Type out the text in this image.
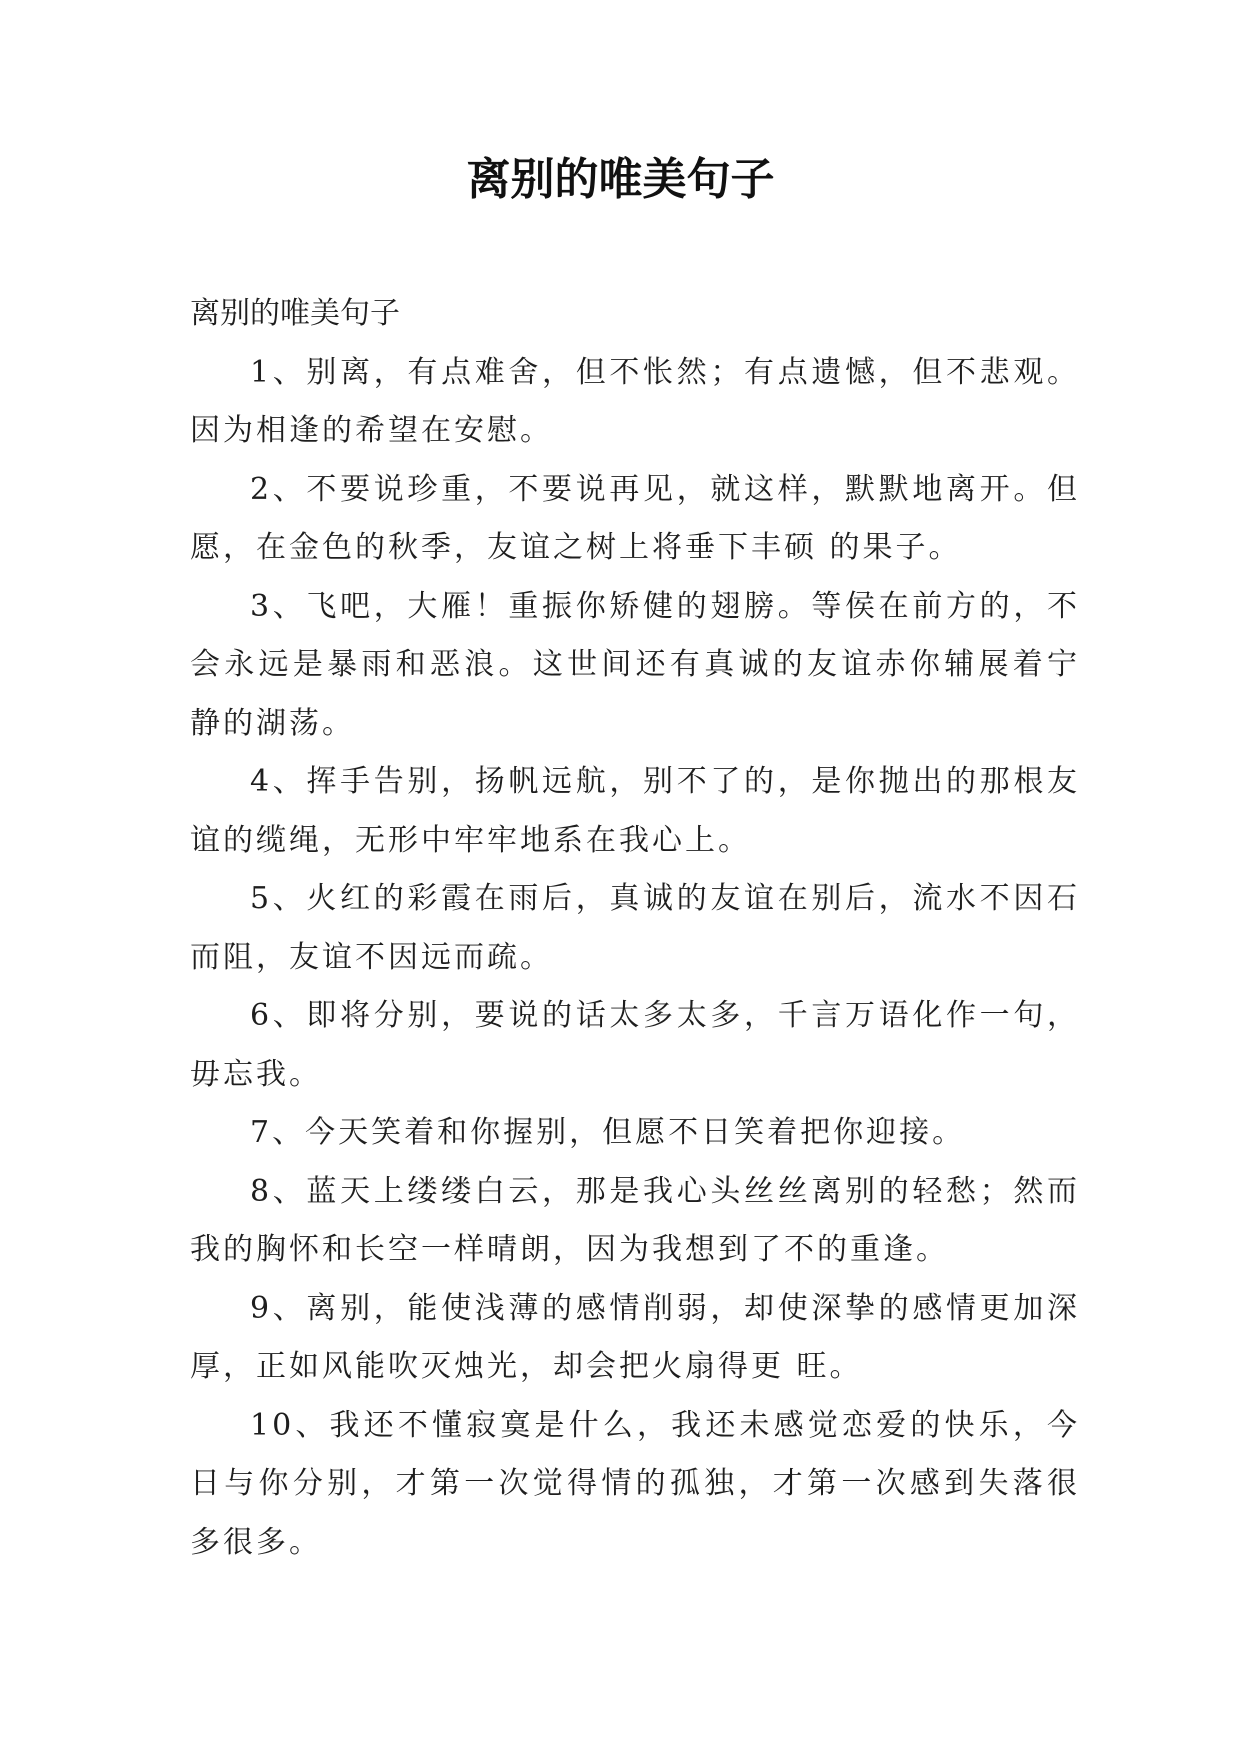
离别的唯美句子

离别的唯美句子

1、别离，有点难舍，但不怅然；有点遗憾，但不悲观。因为相逢的希望在安慰。
2、不要说珍重，不要说再见，就这样，默默地离开。但愿，在金色的秋季，友谊之树上将垂下丰硕 的果子。
3、飞吧，大雁！重振你矫健的翅膀。等侯在前方的，不会永远是暴雨和恶浪。这世间还有真诚的友谊赤你辅展着宁静的湖荡。
4、挥手告别，扬帆远航，别不了的，是你抛出的那根友谊的缆绳，无形中牢牢地系在我心上。
5、火红的彩霞在雨后，真诚的友谊在别后，流水不因石而阻，友谊不因远而疏。
6、即将分别，要说的话太多太多，千言万语化作一句，毋忘我。
7、今天笑着和你握别，但愿不日笑着把你迎接。
8、蓝天上缕缕白云，那是我心头丝丝离别的轻愁；然而我的胸怀和长空一样晴朗，因为我想到了不的重逢。
9、离别，能使浅薄的感情削弱，却使深挚的感情更加深厚，正如风能吹灭烛光，却会把火扇得更 旺。
10、我还不懂寂寞是什么，我还未感觉恋爱的快乐，今日与你分别，才第一次觉得情的孤独，才第一次感到失落很多很多。
